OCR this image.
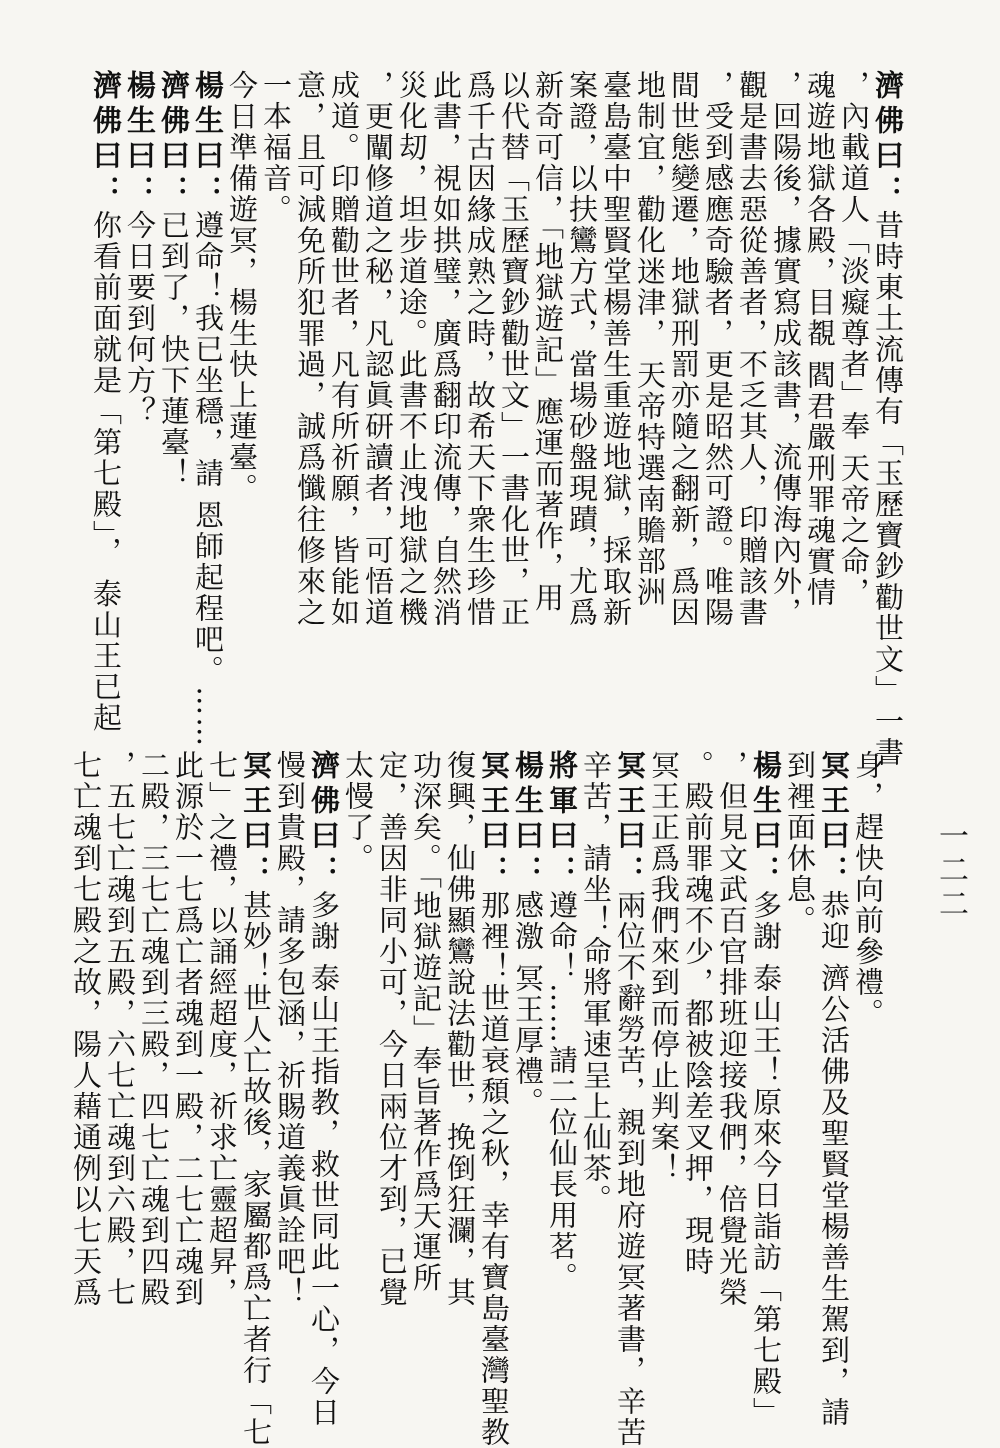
一二二
濟佛曰：昔時東土流傳有「玉歷寶鈔勸世文」一書
，內載道人「淡癡尊者」奉 天帝之命，
魂遊地獄各殿，目覩 閻君嚴刑罪魂實情
，回陽後，據實寫成該書，流傳海內外，
觀是書去惡從善者，不乏其人，印贈該書
，受到感應奇驗者，更是昭然可證。唯陽
間世態變遷，地獄刑罰亦隨之翻新，爲因
地制宜，勸化迷津， 天帝特選南贍部洲
臺島臺中聖賢堂楊善生重遊地獄，採取新
案證，以扶鸞方式，當場砂盤現蹟，尤爲
新奇可信，「地獄遊記」應運而著作，用
以代替「玉歷寶鈔勸世文」一書化世，正
爲千古因緣成熟之時，故希天下衆生珍惜
此書，視如拱璧，廣爲翻印流傳，自然消
災化刧，坦步道途。此書不止洩地獄之機
，更闡修道之秘，凡認眞研讀者，可悟道
成道。印贈勸世者，凡有所祈願，皆能如
意，且可減免所犯罪過，誠爲懺往修來之
一本福音。
今日準備遊冥，楊生快上蓮臺。
楊生曰：遵命！我已坐穩，請 恩師起程吧。……
濟佛曰：已到了，快下蓮臺！
楊生曰：今日要到何方？
濟佛曰：你看前面就是「第七殿」， 泰山王已起
身，趕快向前參禮。
冥王曰：恭迎 濟公活佛及聖賢堂楊善生駕到，請
到裡面休息。
楊生曰：多謝 泰山王！原來今日詣訪「第七殿」
，但見文武百官排班迎接我們，倍覺光榮
。殿前罪魂不少，都被陰差叉押，現時
冥王正爲我們來到而停止判案！
冥王曰：兩位不辭勞苦，親到地府遊冥著書，辛苦
辛苦，請坐！命將軍速呈上仙茶。
將軍曰：遵命！……請二位仙長用茗。
楊生曰：感激 冥王厚禮。
冥王曰：那裡！世道衰頹之秋，幸有寶島臺灣聖教
復興，仙佛顯鸞說法勸世，挽倒狂瀾，其
功深矣。「地獄遊記」奉旨著作爲天運所
定，善因非同小可，今日兩位才到，已覺
太慢了。
濟佛曰：多謝 泰山王指教，救世同此一心，今日
慢到貴殿，請多包涵，祈賜道義眞詮吧！
冥王曰：甚妙！世人亡故後，家屬都爲亡者行「七
七」之禮，以誦經超度，祈求亡靈超昇，
此源於一七爲亡者魂到一殿，二七亡魂到
二殿，三七亡魂到三殿，四七亡魂到四殿
，五七亡魂到五殿，六七亡魂到六殿，七
七亡魂到七殿之故，陽人藉通例以七天爲
